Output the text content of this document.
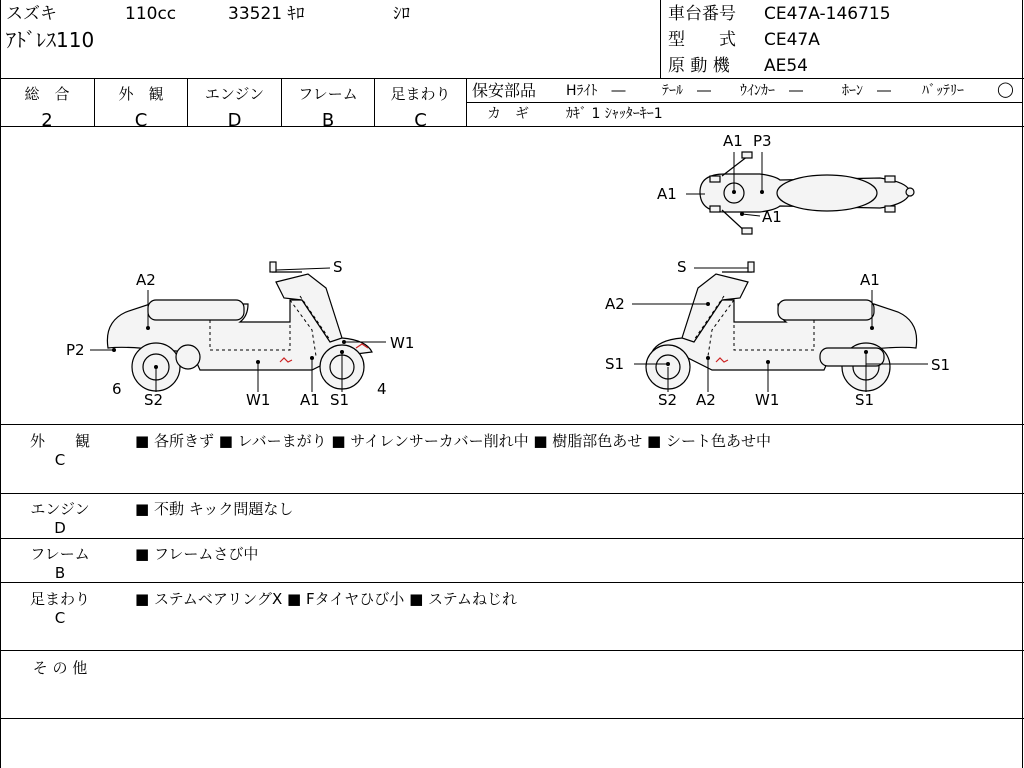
スズキ	110cc	33521 ｷﾛ	ｼﾛ
ｱﾄﾞﾚｽ110
車台番号 CE47A-146715
型　　式 CE47A
原 動 機 AE54
総　合
2
外　観
C
エンジン
D
フレーム
B
足まわり
C
保安部品 Hﾗｲﾄ　―	ﾃｰﾙ　― ｳｲﾝｶｰ　―	ﾎｰﾝ　― ﾊﾞｯﾃﾘｰ ◯
カ　ギ	ｶｷﾞ 1 ｼｬｯﾀｰｷｰ1
A1
A1 P3
A1
A2
S
P2	W1
6
S2	W1 A1 S1
4
S
A2
A1
S1	S1
S2 A2	W1	S1
外　　観
C
■ 各所きず ■ レバーまがり ■ サイレンサーカバー削れ中 ■ 樹脂部色あせ ■ シート色あせ中
エンジン
D
■ 不動 キック問題なし
フレーム
B
■ フレームさび中
足まわり
C
■ ステムベアリングX ■ Fタイヤひび小 ■ ステムねじれ
そ の 他
